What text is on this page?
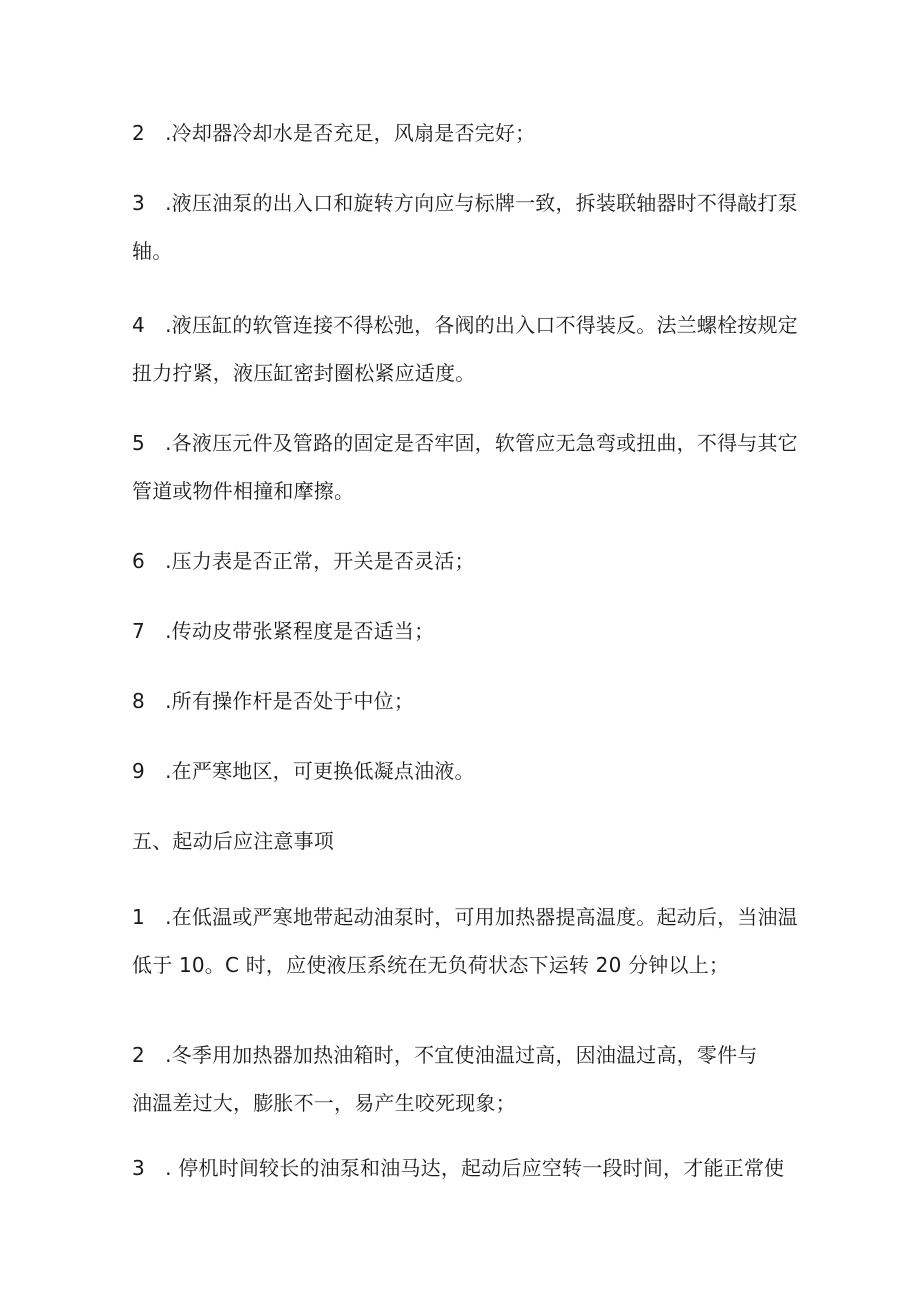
2　.冷却器冷却水是否充足，风扇是否完好；
3　.液压油泵的出入口和旋转方向应与标牌一致，拆装联轴器时不得敲打泵
轴。
4　.液压缸的软管连接不得松弛，各阀的出入口不得装反。法兰螺栓按规定
扭力拧紧，液压缸密封圈松紧应适度。
5　.各液压元件及管路的固定是否牢固，软管应无急弯或扭曲，不得与其它
管道或物件相撞和摩擦。
6　.压力表是否正常，开关是否灵活；
7　.传动皮带张紧程度是否适当；
8　.所有操作杆是否处于中位；
9　.在严寒地区，可更换低凝点油液。
五、起动后应注意事项
1　.在低温或严寒地带起动油泵时，可用加热器提高温度。起动后，当油温
低于 10。C 时，应使液压系统在无负荷状态下运转 20 分钟以上；
2　.冬季用加热器加热油箱时，不宜使油温过高，因油温过高，零件与
油温差过大，膨胀不一，易产生咬死现象；
3　. 停机时间较长的油泵和油马达，起动后应空转一段时间，才能正常使
